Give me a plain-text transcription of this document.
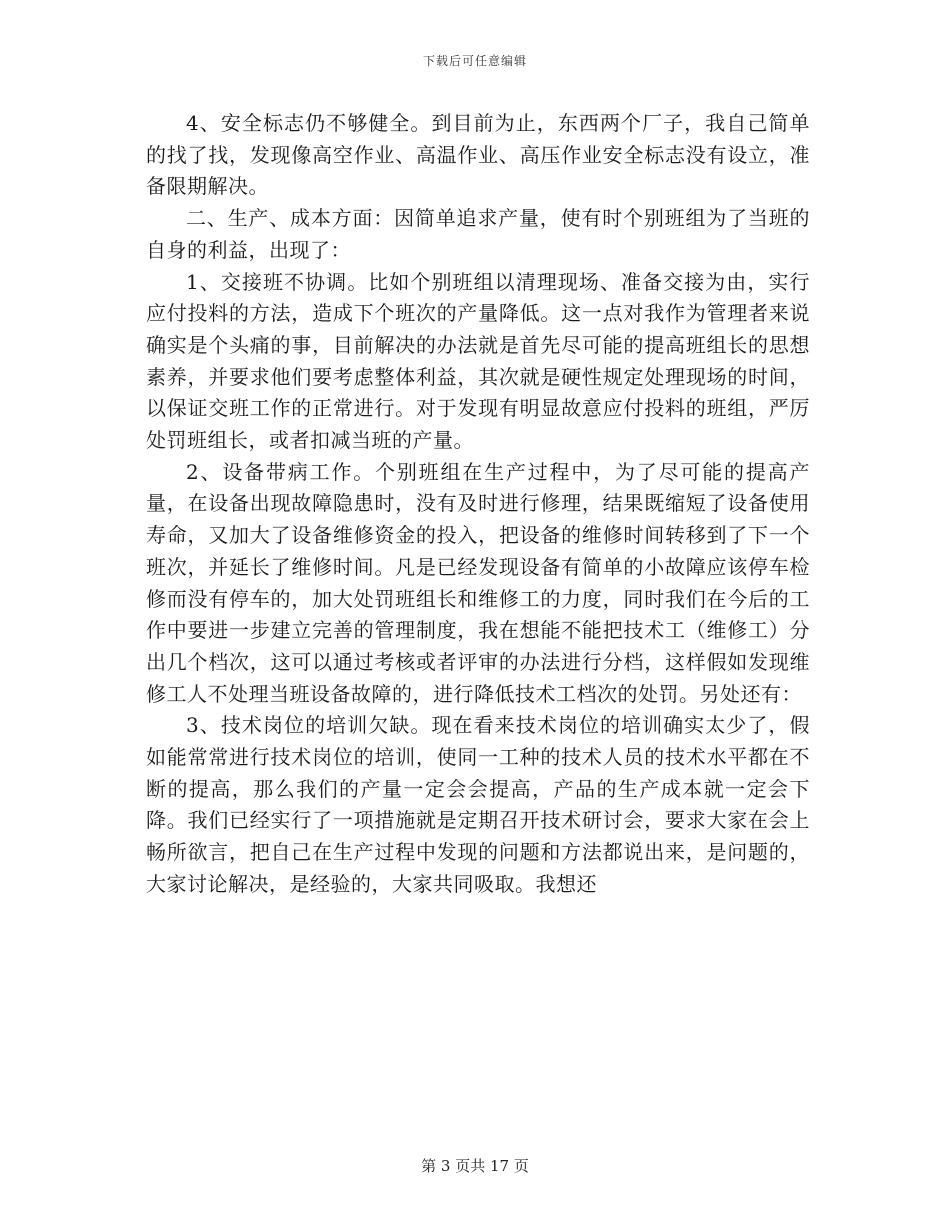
下载后可任意编辑

4、安全标志仍不够健全。到目前为止，东西两个厂子，我自己简单的找了找，发现像高空作业、高温作业、高压作业安全标志没有设立，准备限期解决。

二、生产、成本方面：因简单追求产量，使有时个别班组为了当班的自身的利益，出现了：

1、交接班不协调。比如个别班组以清理现场、准备交接为由，实行应付投料的方法，造成下个班次的产量降低。这一点对我作为管理者来说确实是个头痛的事，目前解决的办法就是首先尽可能的提高班组长的思想素养，并要求他们要考虑整体利益，其次就是硬性规定处理现场的时间，以保证交班工作的正常进行。对于发现有明显故意应付投料的班组，严厉处罚班组长，或者扣减当班的产量。

2、设备带病工作。个别班组在生产过程中，为了尽可能的提高产量，在设备出现故障隐患时，没有及时进行修理，结果既缩短了设备使用寿命，又加大了设备维修资金的投入，把设备的维修时间转移到了下一个班次，并延长了维修时间。凡是已经发现设备有简单的小故障应该停车检修而没有停车的，加大处罚班组长和维修工的力度，同时我们在今后的工作中要进一步建立完善的管理制度，我在想能不能把技术工（维修工）分出几个档次，这可以通过考核或者评审的办法进行分档，这样假如发现维修工人不处理当班设备故障的，进行降低技术工档次的处罚。另处还有：

3、技术岗位的培训欠缺。现在看来技术岗位的培训确实太少了，假如能常常进行技术岗位的培训，使同一工种的技术人员的技术水平都在不断的提高，那么我们的产量一定会会提高，产品的生产成本就一定会下降。我们已经实行了一项措施就是定期召开技术研讨会，要求大家在会上畅所欲言，把自己在生产过程中发现的问题和方法都说出来，是问题的，大家讨论解决，是经验的，大家共同吸取。我想还

第 3 页共 17 页
